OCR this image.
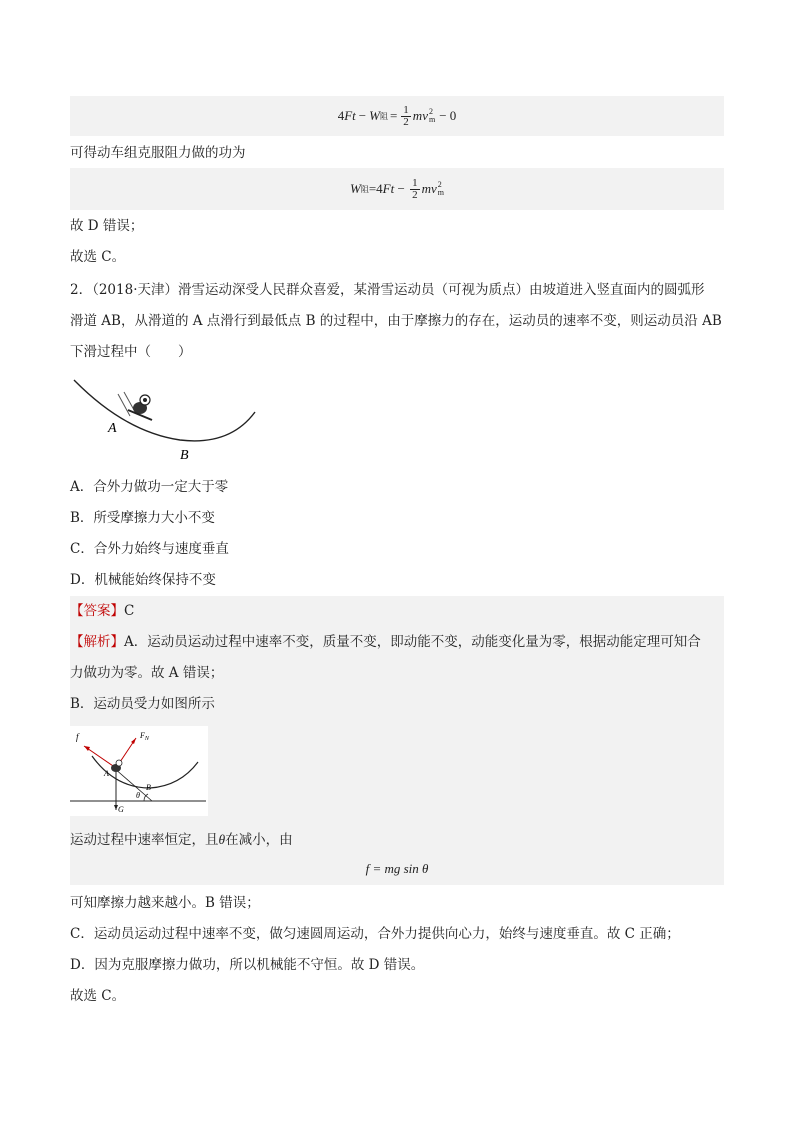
4 F t − W 阻 = $\frac{1}{2}$ m v 2
m − 0
可得动车组克服阻力做的功为
W 阻 =4 F $t - \frac{1}{2}$ m v 2
m
故 D 错误；
故选 C。
2．（2018·天津）滑雪运动深受人民群众喜爱，某滑雪运动员（可视为质点）由坡道进入竖直面内的圆弧形
滑道 AB，从滑道的 A 点滑行到最低点 B 的过程中，由于摩擦力的存在，运动员的速率不变，则运动员沿 AB
下滑过程中（　　）
A
B
A．合外力做功一定大于零
B．所受摩擦力大小不变
C．合外力始终与速度垂直
D．机械能始终保持不变
【答案】C
【解析】A．运动员运动过程中速率不变，质量不变，即动能不变，动能变化量为零，根据动能定理可知合
力做功为零。故 A 错误；
B．运动员受力如图所示
f	$F_N$
A
B
θ
G
运动过程中速率恒定，且θ在减小，由
f = mg sin θ
可知摩擦力越来越小。B 错误；
C．运动员运动过程中速率不变，做匀速圆周运动，合外力提供向心力，始终与速度垂直。故 C 正确；
D．因为克服摩擦力做功，所以机械能不守恒。故 D 错误。
故选 C。
